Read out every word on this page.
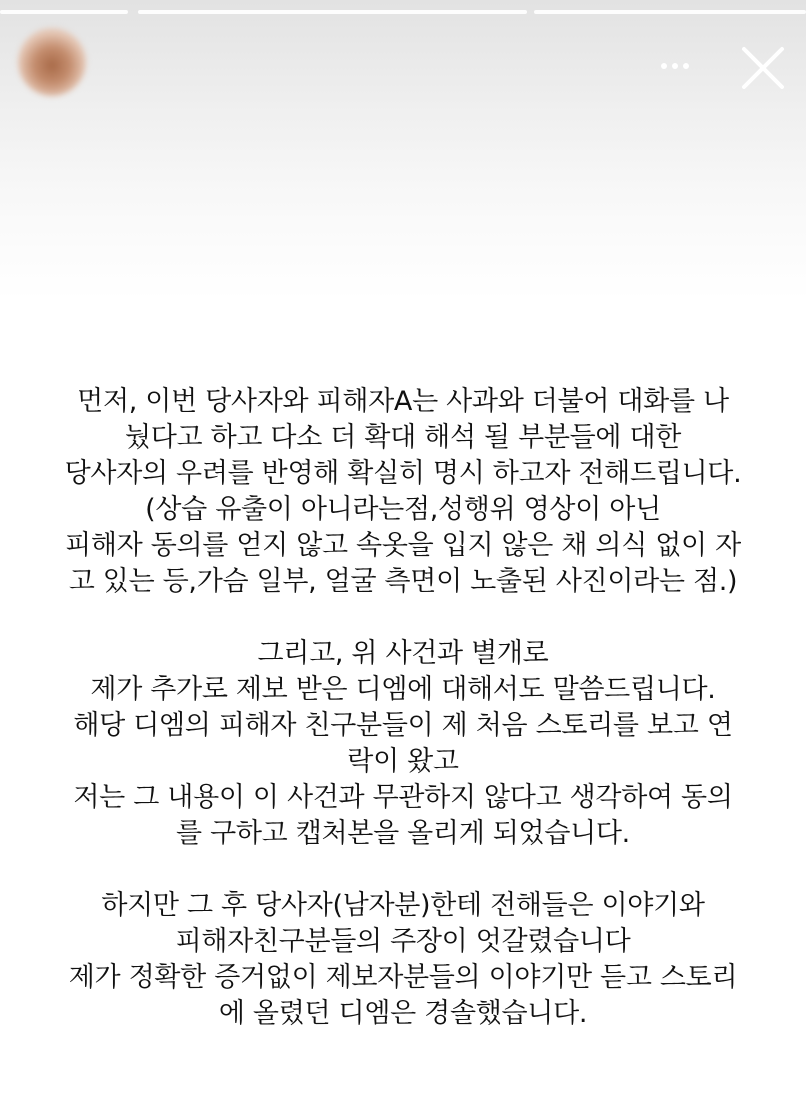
먼저, 이번 당사자와 피해자A는 사과와 더불어 대화를 나
눴다고 하고 다소 더 확대 해석 될 부분들에 대한
당사자의 우려를 반영해 확실히 명시 하고자 전해드립니다.
(상습 유출이 아니라는점,성행위 영상이 아닌
피해자 동의를 얻지 않고 속옷을 입지 않은 채 의식 없이 자
고 있는 등,가슴 일부, 얼굴 측면이 노출된 사진이라는 점.)
그리고, 위 사건과 별개로
제가 추가로 제보 받은 디엠에 대해서도 말씀드립니다.
해당 디엠의 피해자 친구분들이 제 처음 스토리를 보고 연
락이 왔고
저는 그 내용이 이 사건과 무관하지 않다고 생각하여 동의
를 구하고 캡처본을 올리게 되었습니다.
하지만 그 후 당사자(남자분)한테 전해들은 이야기와
피해자친구분들의 주장이 엇갈렸습니다
제가 정확한 증거없이 제보자분들의 이야기만 듣고 스토리
에 올렸던 디엠은 경솔했습니다.
